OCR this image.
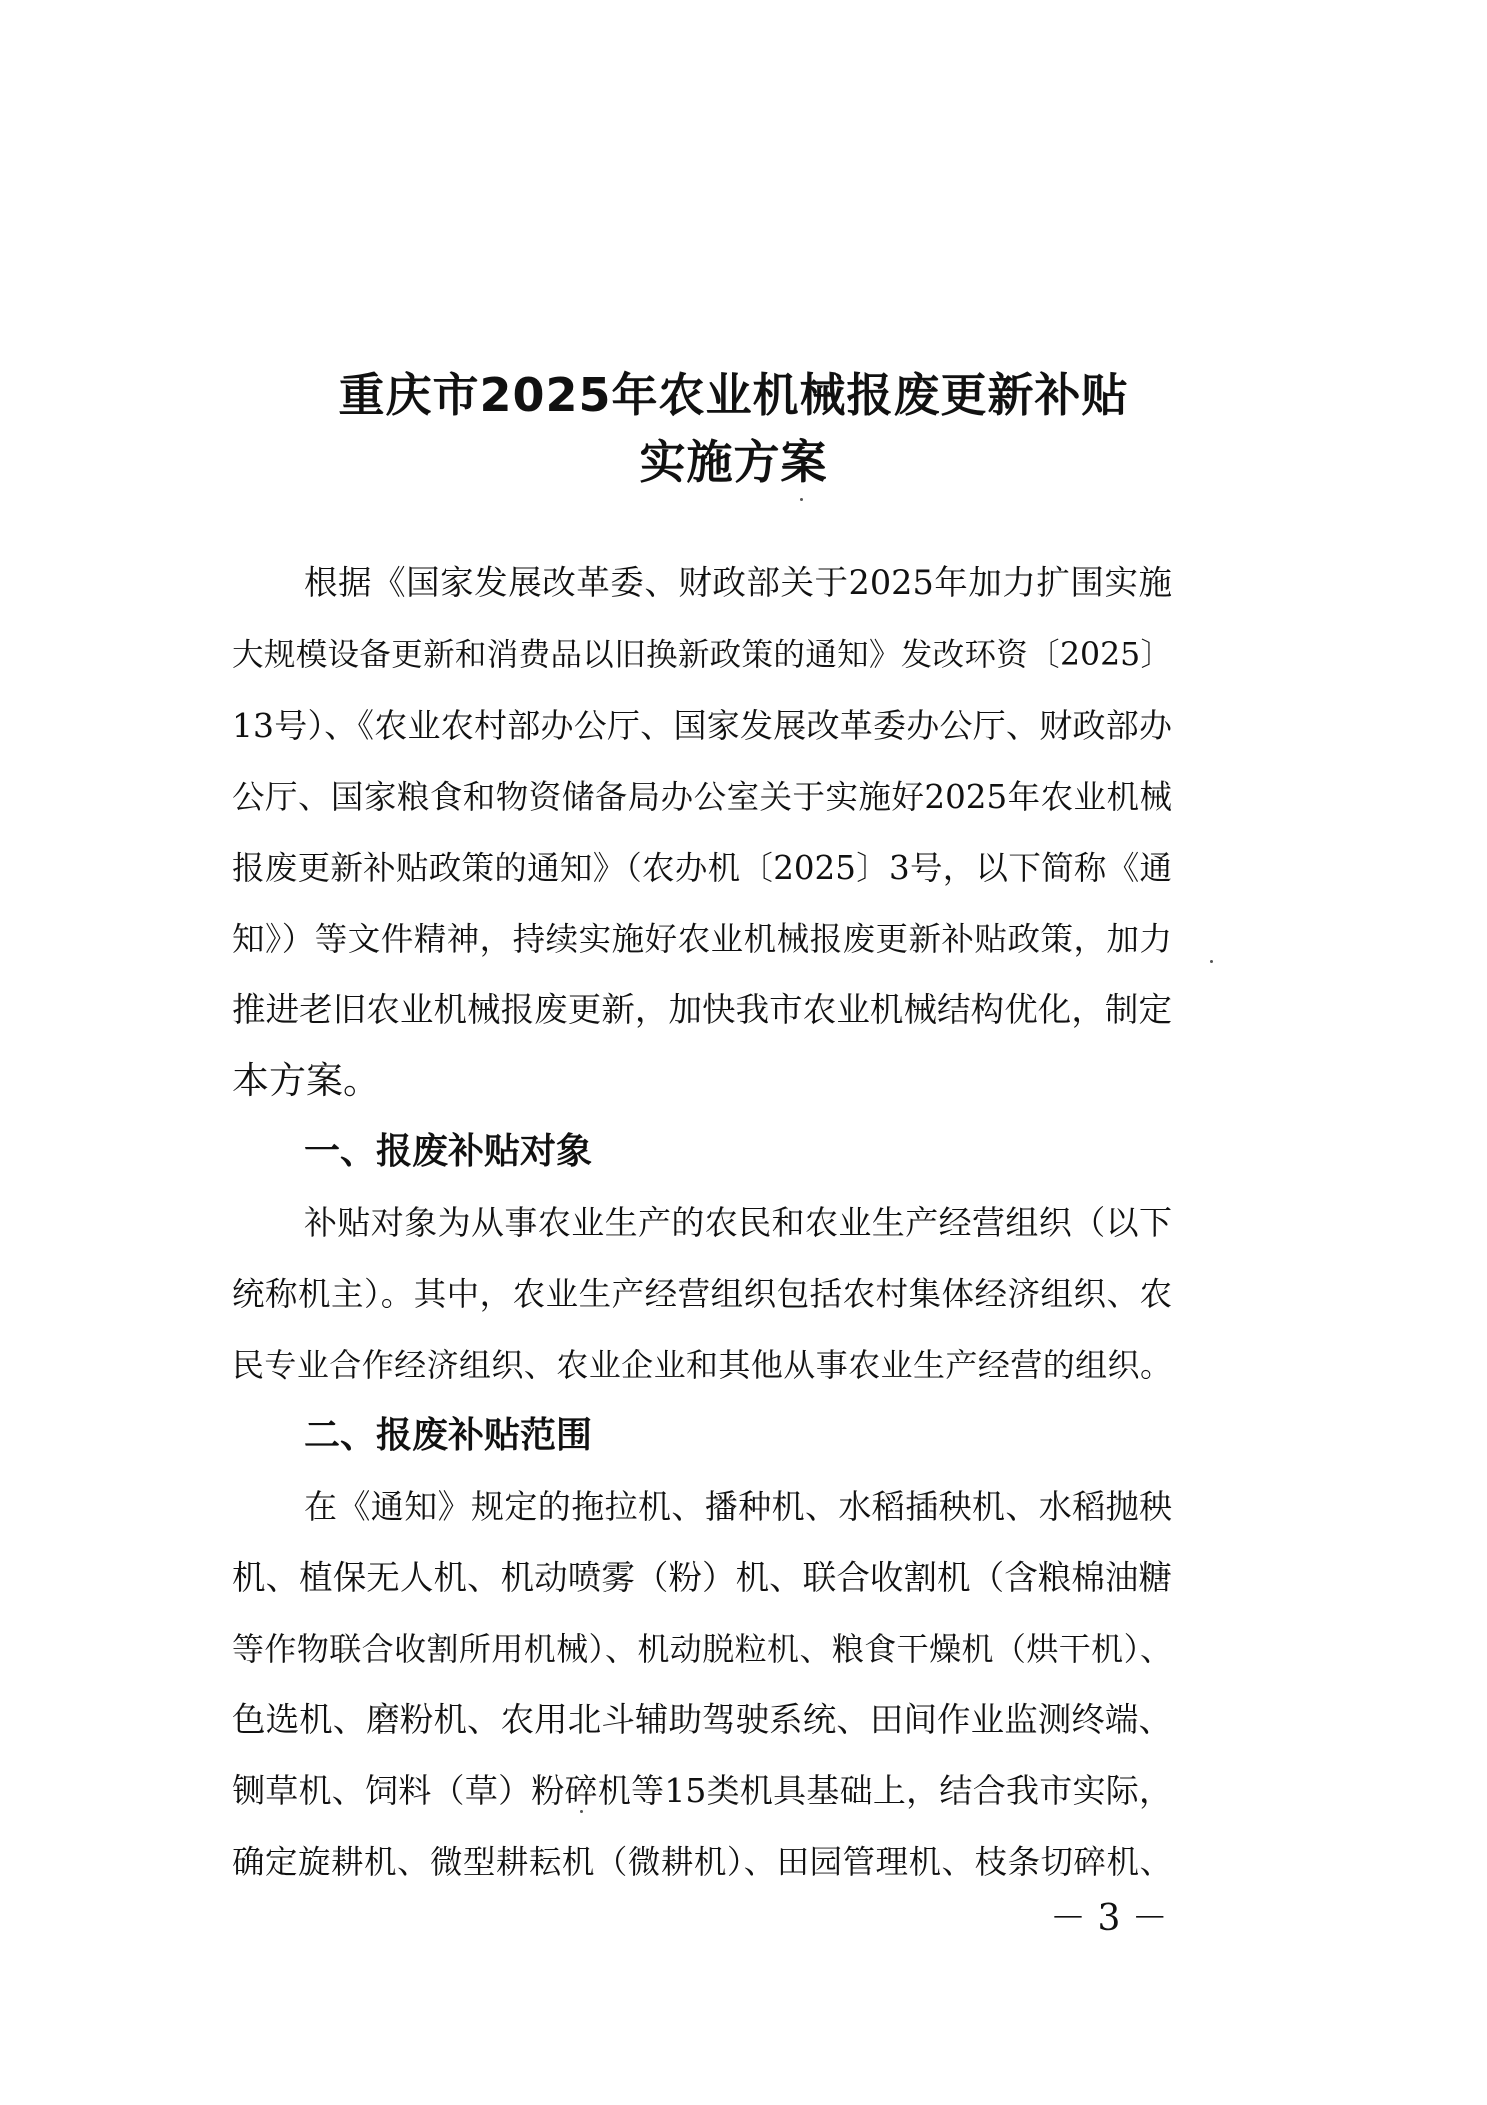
重庆市2025年农业机械报废更新补贴
实施方案

根据《国家发展改革委、财政部关于2025年加力扩围实施

大规模设备更新和消费品以旧换新政策的通知》发改环资〔2025〕

13号）、《农业农村部办公厅、国家发展改革委办公厅、财政部办

公厅、国家粮食和物资储备局办公室关于实施好2025年农业机械

报废更新补贴政策的通知》（农办机〔2025〕3号，以下简称《通

知》）等文件精神，持续实施好农业机械报废更新补贴政策，加力

推进老旧农业机械报废更新，加快我市农业机械结构优化，制定

本方案。

一、报废补贴对象

补贴对象为从事农业生产的农民和农业生产经营组织（以下

统称机主）。其中，农业生产经营组织包括农村集体经济组织、农

民专业合作经济组织、农业企业和其他从事农业生产经营的组织。

二、报废补贴范围

在《通知》规定的拖拉机、播种机、水稻插秧机、水稻抛秧

机、植保无人机、机动喷雾（粉）机、联合收割机（含粮棉油糖

等作物联合收割所用机械）、机动脱粒机、粮食干燥机（烘干机）、

色选机、磨粉机、农用北斗辅助驾驶系统、田间作业监测终端、

铡草机、饲料（草）粉碎机等15类机具基础上，结合我市实际，

确定旋耕机、微型耕耘机（微耕机）、田园管理机、枝条切碎机、

－ 3 －
